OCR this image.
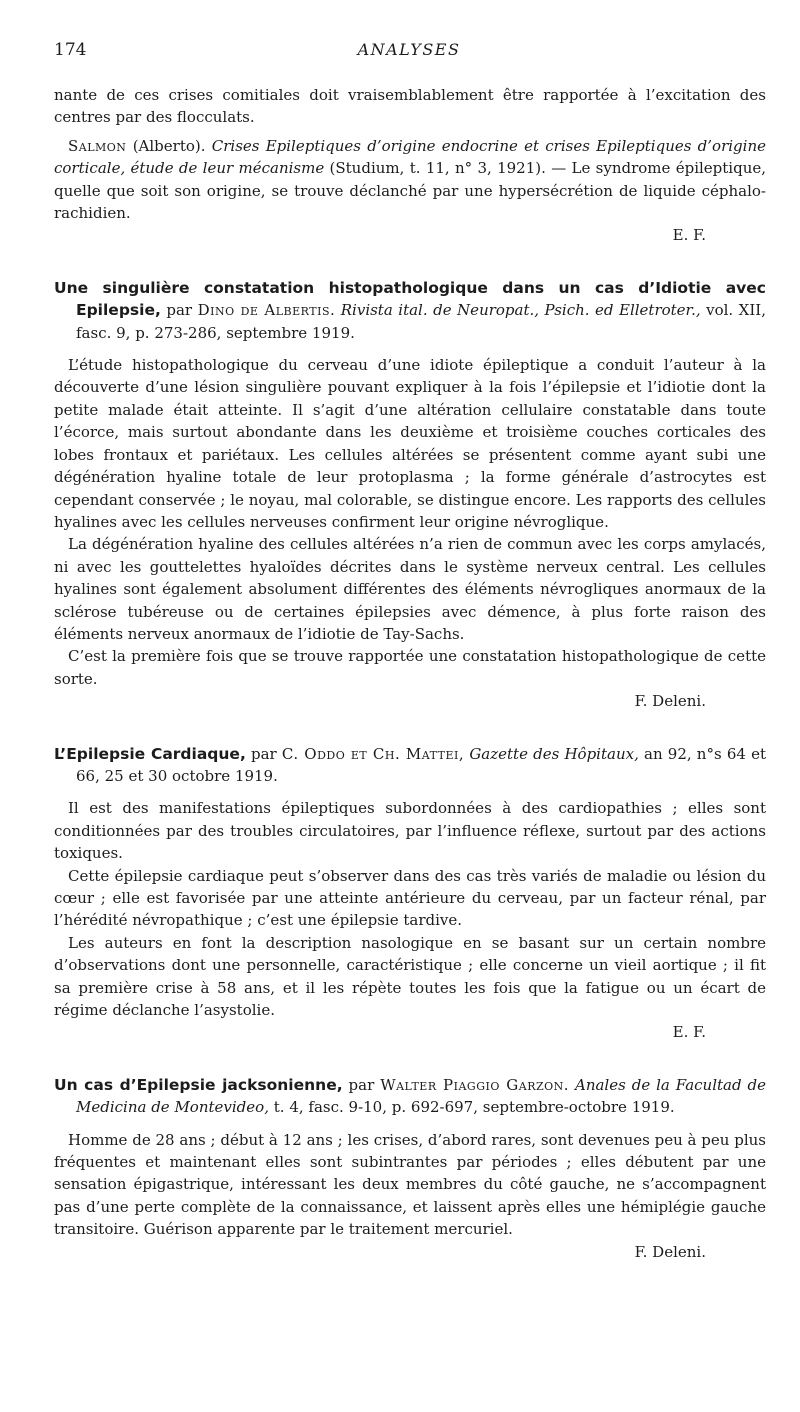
174	ANALYSES

nante de ces crises comitiales doit vraisemblablement être rapportée à l’excitation des centres par des flocculats.

Salmon (Alberto). Crises Epileptiques d’origine endocrine et crises Epileptiques d’origine corticale, étude de leur mécanisme (Studium, t. 11, n° 3, 1921). — Le syndrome épileptique, quelle que soit son origine, se trouve déclanché par une hypersécrétion de liquide céphalo-rachidien.

E. F.

Une singulière constatation histopathologique dans un cas d’Idiotie avec Epilepsie, par Dino de Albertis. Rivista ital. de Neuropat., Psich. ed Elletroter., vol. XII, fasc. 9, p. 273-286, septembre 1919.

L’étude histopathologique du cerveau d’une idiote épileptique a conduit l’auteur à la découverte d’une lésion singulière pouvant expliquer à la fois l’épilepsie et l’idiotie dont la petite malade était atteinte. Il s’agit d’une altération cellulaire constatable dans toute l’écorce, mais surtout abondante dans les deuxième et troisième couches corticales des lobes frontaux et pariétaux. Les cellules altérées se présentent comme ayant subi une dégénération hyaline totale de leur protoplasma ; la forme générale d’astrocytes est cependant conservée ; le noyau, mal colorable, se distingue encore. Les rapports des cellules hyalines avec les cellules nerveuses confirment leur origine névroglique.

La dégénération hyaline des cellules altérées n’a rien de commun avec les corps amylacés, ni avec les gouttelettes hyaloïdes décrites dans le système nerveux central. Les cellules hyalines sont également absolument différentes des éléments névrogliques anormaux de la sclérose tubéreuse ou de certaines épilepsies avec démence, à plus forte raison des éléments nerveux anormaux de l’idiotie de Tay-Sachs.

C’est la première fois que se trouve rapportée une constatation histopathologique de cette sorte.

F. Deleni.

L’Epilepsie Cardiaque, par C. Oddo et Ch. Mattei, Gazette des Hôpitaux, an 92, n°s 64 et 66, 25 et 30 octobre 1919.

Il est des manifestations épileptiques subordonnées à des cardiopathies ; elles sont conditionnées par des troubles circulatoires, par l’influence réflexe, surtout par des actions toxiques.

Cette épilepsie cardiaque peut s’observer dans des cas très variés de maladie ou lésion du cœur ; elle est favorisée par une atteinte antérieure du cerveau, par un facteur rénal, par l’hérédité névropathique ; c’est une épilepsie tardive.

Les auteurs en font la description nasologique en se basant sur un certain nombre d’observations dont une personnelle, caractéristique ; elle concerne un vieil aortique ; il fit sa première crise à 58 ans, et il les répète toutes les fois que la fatigue ou un écart de régime déclanche l’asystolie.

E. F.

Un cas d’Epilepsie jacksonienne, par Walter Piaggio Garzon. Anales de la Facultad de Medicina de Montevideo, t. 4, fasc. 9-10, p. 692-697, septembre-octobre 1919.

Homme de 28 ans ; début à 12 ans ; les crises, d’abord rares, sont devenues peu à peu plus fréquentes et maintenant elles sont subintrantes par périodes ; elles débutent par une sensation épigastrique, intéressant les deux membres du côté gauche, ne s’accompagnent pas d’une perte complète de la connaissance, et laissent après elles une hémiplégie gauche transitoire. Guérison apparente par le traitement mercuriel.

F. Deleni.
